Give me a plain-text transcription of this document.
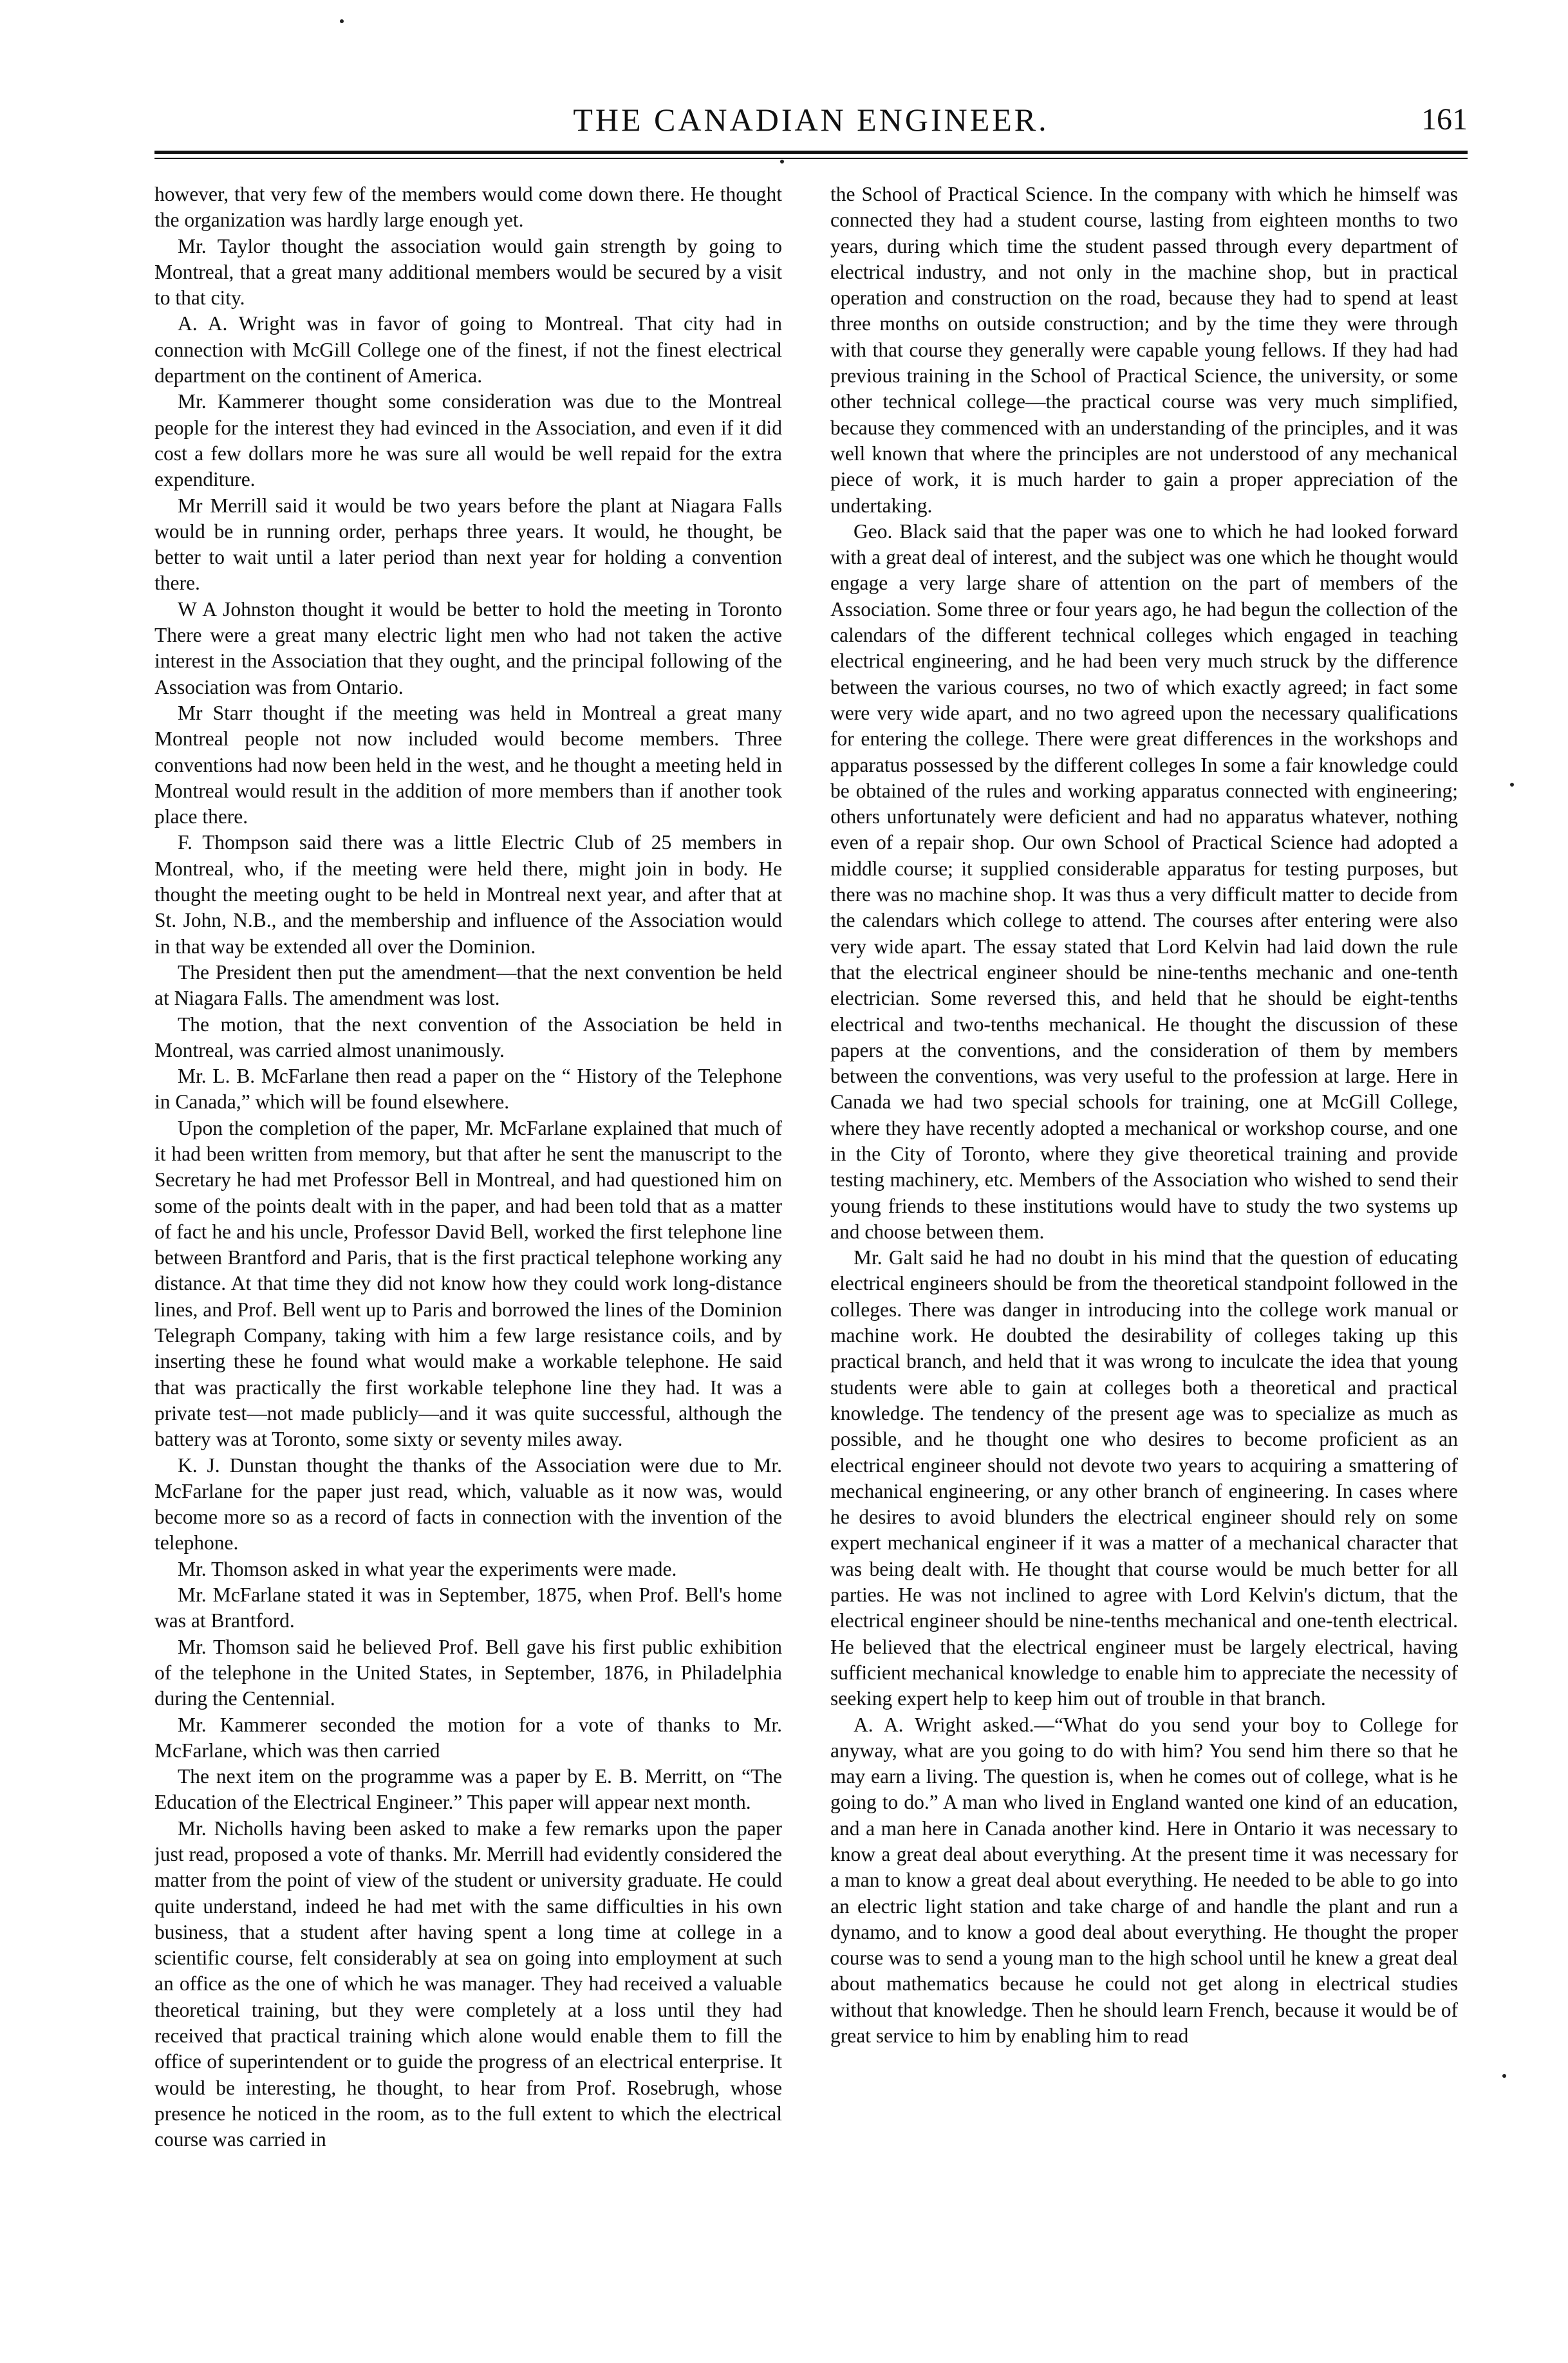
THE CANADIAN ENGINEER.	161

however, that very few of the members would come down there. He thought the organization was hardly large enough yet.

Mr. Taylor thought the association would gain strength by going to Montreal, that a great many additional members would be secured by a visit to that city.

A. A. Wright was in favor of going to Montreal. That city had in connection with McGill College one of the finest, if not the finest electrical department on the continent of America.

Mr. Kammerer thought some consideration was due to the Montreal people for the interest they had evinced in the Association, and even if it did cost a few dollars more he was sure all would be well repaid for the extra expenditure.

Mr Merrill said it would be two years before the plant at Niagara Falls would be in running order, perhaps three years. It would, he thought, be better to wait until a later period than next year for holding a convention there.

W A Johnston thought it would be better to hold the meeting in Toronto There were a great many electric light men who had not taken the active interest in the Association that they ought, and the principal following of the Association was from Ontario.

Mr Starr thought if the meeting was held in Montreal a great many Montreal people not now included would become members. Three conventions had now been held in the west, and he thought a meeting held in Montreal would result in the addition of more members than if another took place there.

F. Thompson said there was a little Electric Club of 25 members in Montreal, who, if the meeting were held there, might join in body. He thought the meeting ought to be held in Montreal next year, and after that at St. John, N.B., and the membership and influence of the Association would in that way be extended all over the Dominion.

The President then put the amendment—that the next convention be held at Niagara Falls. The amendment was lost.

The motion, that the next convention of the Association be held in Montreal, was carried almost unanimously.

Mr. L. B. McFarlane then read a paper on the “ History of the Telephone in Canada,” which will be found elsewhere.

Upon the completion of the paper, Mr. McFarlane explained that much of it had been written from memory, but that after he sent the manuscript to the Secretary he had met Professor Bell in Montreal, and had questioned him on some of the points dealt with in the paper, and had been told that as a matter of fact he and his uncle, Professor David Bell, worked the first telephone line between Brantford and Paris, that is the first practical telephone working any distance. At that time they did not know how they could work long-distance lines, and Prof. Bell went up to Paris and borrowed the lines of the Dominion Telegraph Company, taking with him a few large resistance coils, and by inserting these he found what would make a workable telephone. He said that was practically the first workable telephone line they had. It was a private test—not made publicly—and it was quite successful, although the battery was at Toronto, some sixty or seventy miles away.

K. J. Dunstan thought the thanks of the Association were due to Mr. McFarlane for the paper just read, which, valuable as it now was, would become more so as a record of facts in connection with the invention of the telephone.

Mr. Thomson asked in what year the experiments were made.

Mr. McFarlane stated it was in September, 1875, when Prof. Bell's home was at Brantford.

Mr. Thomson said he believed Prof. Bell gave his first public exhibition of the telephone in the United States, in September, 1876, in Philadelphia during the Centennial.

Mr. Kammerer seconded the motion for a vote of thanks to Mr. McFarlane, which was then carried

The next item on the programme was a paper by E. B. Merritt, on “The Education of the Electrical Engineer.” This paper will appear next month.

Mr. Nicholls having been asked to make a few remarks upon the paper just read, proposed a vote of thanks. Mr. Merrill had evidently considered the matter from the point of view of the student or university graduate. He could quite understand, indeed he had met with the same difficulties in his own business, that a student after having spent a long time at college in a scientific course, felt considerably at sea on going into employment at such an office as the one of which he was manager. They had received a valuable theoretical training, but they were completely at a loss until they had received that practical training which alone would enable them to fill the office of superintendent or to guide the progress of an electrical enterprise. It would be interesting, he thought, to hear from Prof. Rosebrugh, whose presence he noticed in the room, as to the full extent to which the electrical course was carried in

the School of Practical Science. In the company with which he himself was connected they had a student course, lasting from eighteen months to two years, during which time the student passed through every department of electrical industry, and not only in the machine shop, but in practical operation and construction on the road, because they had to spend at least three months on outside construction; and by the time they were through with that course they generally were capable young fellows. If they had had previous training in the School of Practical Science, the university, or some other technical college—the practical course was very much simplified, because they commenced with an understanding of the principles, and it was well known that where the principles are not understood of any mechanical piece of work, it is much harder to gain a proper appreciation of the undertaking.

Geo. Black said that the paper was one to which he had looked forward with a great deal of interest, and the subject was one which he thought would engage a very large share of attention on the part of members of the Association. Some three or four years ago, he had begun the collection of the calendars of the different technical colleges which engaged in teaching electrical engineering, and he had been very much struck by the difference between the various courses, no two of which exactly agreed; in fact some were very wide apart, and no two agreed upon the necessary qualifications for entering the college. There were great differences in the workshops and apparatus possessed by the different colleges In some a fair knowledge could be obtained of the rules and working apparatus connected with engineering; others unfortunately were deficient and had no apparatus whatever, nothing even of a repair shop. Our own School of Practical Science had adopted a middle course; it supplied considerable apparatus for testing purposes, but there was no machine shop. It was thus a very difficult matter to decide from the calendars which college to attend. The courses after entering were also very wide apart. The essay stated that Lord Kelvin had laid down the rule that the electrical engineer should be nine-tenths mechanic and one-tenth electrician. Some reversed this, and held that he should be eight-tenths electrical and two-tenths mechanical. He thought the discussion of these papers at the conventions, and the consideration of them by members between the conventions, was very useful to the profession at large. Here in Canada we had two special schools for training, one at McGill College, where they have recently adopted a mechanical or workshop course, and one in the City of Toronto, where they give theoretical training and provide testing machinery, etc. Members of the Association who wished to send their young friends to these institutions would have to study the two systems up and choose between them.

Mr. Galt said he had no doubt in his mind that the question of educating electrical engineers should be from the theoretical standpoint followed in the colleges. There was danger in introducing into the college work manual or machine work. He doubted the desirability of colleges taking up this practical branch, and held that it was wrong to inculcate the idea that young students were able to gain at colleges both a theoretical and practical knowledge. The tendency of the present age was to specialize as much as possible, and he thought one who desires to become proficient as an electrical engineer should not devote two years to acquiring a smattering of mechanical engineering, or any other branch of engineering. In cases where he desires to avoid blunders the electrical engineer should rely on some expert mechanical engineer if it was a matter of a mechanical character that was being dealt with. He thought that course would be much better for all parties. He was not inclined to agree with Lord Kelvin's dictum, that the electrical engineer should be nine-tenths mechanical and one-tenth electrical. He believed that the electrical engineer must be largely electrical, having sufficient mechanical knowledge to enable him to appreciate the necessity of seeking expert help to keep him out of trouble in that branch.

A. A. Wright asked.—“What do you send your boy to College for anyway, what are you going to do with him? You send him there so that he may earn a living. The question is, when he comes out of college, what is he going to do.” A man who lived in England wanted one kind of an education, and a man here in Canada another kind. Here in Ontario it was necessary to know a great deal about everything. At the present time it was necessary for a man to know a great deal about everything. He needed to be able to go into an electric light station and take charge of and handle the plant and run a dynamo, and to know a good deal about everything. He thought the proper course was to send a young man to the high school until he knew a great deal about mathematics because he could not get along in electrical studies without that knowledge. Then he should learn French, because it would be of great service to him by enabling him to read
